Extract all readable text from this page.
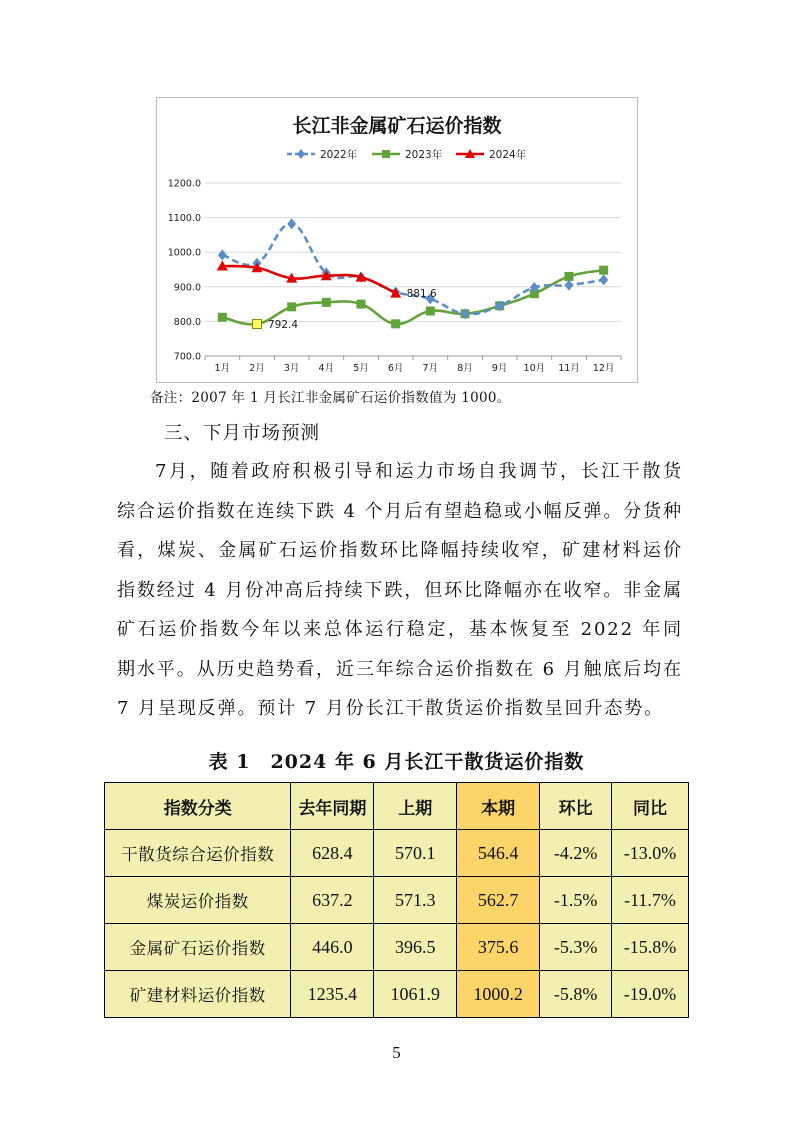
长江非金属矿石运价指数
2022年	2023年	2024年
700.0
800.0
900.0
1000.0
1100.0
1200.0
1月 2月 3月 4月 5月 6月 7月 8月 9月 10月 11月 12月
881.6
792.4
备注：2007 年 1 月长江非金属矿石运价指数值为 1000。
三、下月市场预测

7月，随着政府积极引导和运力市场自我调节，长江干散货综合运价指数在连续下跌 4 个月后有望趋稳或小幅反弹。分货种看，煤炭、金属矿石运价指数环比降幅持续收窄，矿建材料运价指数经过 4 月份冲高后持续下跌，但环比降幅亦在收窄。非金属矿石运价指数今年以来总体运行稳定，基本恢复至 2022 年同期水平。从历史趋势看，近三年综合运价指数在 6 月触底后均在 7 月呈现反弹。预计 7 月份长江干散货运价指数呈回升态势。

表 1　2024 年 6 月长江干散货运价指数
指数分类	去年同期	上期	本期	环比	同比
干散货综合运价指数	628.4	570.1	546.4	-4.2%	-13.0%
煤炭运价指数	637.2	571.3	562.7	-1.5%	-11.7%
金属矿石运价指数	446.0	396.5	375.6	-5.3%	-15.8%
矿建材料运价指数	1235.4	1061.9	1000.2	-5.8%	-19.0%
5
